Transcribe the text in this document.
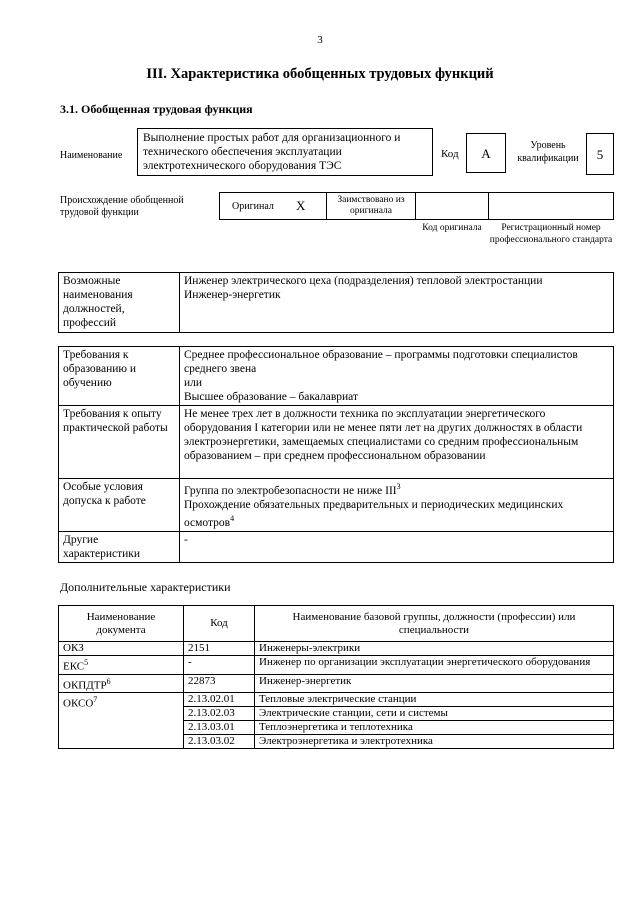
3
III. Характеристика обобщенных трудовых функций
3.1. Обобщенная трудовая функция
Наименование
Выполнение простых работ для организационного и технического обеспечения эксплуатации электротехнического оборудования ТЭС
Код	A
Уровень квалификации	5
Происхождение обобщенной трудовой функции
Оригинал X	Заимствовано из оригинала
Код оригинала	Регистрационный номер профессионального стандарта
Возможные наименования должностей, профессий	
Инженер электрического цеха (подразделения) тепловой электростанции
Инженер-энергетик
Требования к образованию и обучению	Среднее профессиональное образование – программы подготовки специалистов среднего звена
или
Высшее образование – бакалавриат

Требования к опыту практической работы	Не менее трех лет в должности техника по эксплуатации энергетического оборудования I категории или не менее пяти лет на других должностях в области электроэнергетики, замещаемых специалистами со средним профессиональным образованием – при среднем профессиональном образовании
Особые условия допуска к работе	Группа по электробезопасности не ниже III$^3$
Прохождение обязательных предварительных и периодических медицинских осмотров$^4$

Другие характеристики	-
Дополнительные характеристики
Наименование документа	Код	Наименование базовой группы, должности (профессии) или специальности
ОКЗ	2151	Инженеры-электрики
ЕКС$^5$	-	Инженер по организации эксплуатации энергетического оборудования
ОКПДТР$^6$	22873	Инженер-энергетик
ОКСО$^7$	2.13.02.01	Тепловые электрические станции
	2.13.02.03	Электрические станции, сети и системы
	2.13.03.01	Теплоэнергетика и теплотехника
	2.13.03.02	Электроэнергетика и электротехника
